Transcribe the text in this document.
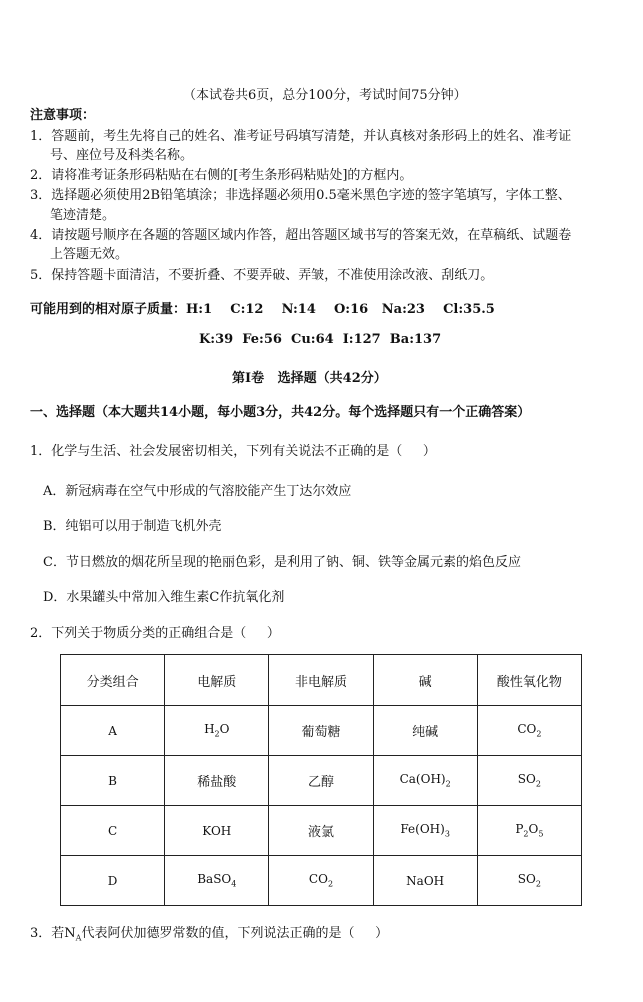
（本试卷共6页，总分100分，考试时间75分钟）
注意事项：
1．答题前，考生先将自己的姓名、准考证号码填写清楚，并认真核对条形码上的姓名、准考证
号、座位号及科类名称。
2．请将准考证条形码粘贴在右侧的[考生条形码粘贴处]的方框内。
3．选择题必须使用2B铅笔填涂；非选择题必须用0.5毫米黑色字迹的签字笔填写，字体工整、
笔迹清楚。
4．请按题号顺序在各题的答题区域内作答，超出答题区域书写的答案无效，在草稿纸、试题卷
上答题无效。
5．保持答题卡面清洁，不要折叠、不要弄破、弄皱，不准使用涂改液、刮纸刀。
可能用到的相对原子质量：H:1    C:12    N:14    O:16   Na:23    Cl:35.5
K:39  Fe:56  Cu:64  I:127  Ba:137
第Ⅰ卷   选择题（共42分）
一、选择题（本大题共14小题，每小题3分，共42分。每个选择题只有一个正确答案）
1．化学与生活、社会发展密切相关，下列有关说法不正确的是（     ）
A．新冠病毒在空气中形成的气溶胶能产生丁达尔效应
B．纯铝可以用于制造飞机外壳
C．节日燃放的烟花所呈现的艳丽色彩，是利用了钠、铜、铁等金属元素的焰色反应
D．水果罐头中常加入维生素C作抗氧化剂
2．下列关于物质分类的正确组合是（     ）
分类组合	电解质	非电解质	碱	酸性氧化物
A	$H_2O$	葡萄糖	纯碱	$CO_2$
B	稀盐酸	乙醇	$Ca(OH)_2$	$SO_2$
C	KOH	液氯	$Fe(OH)_3$	$P_2O_5$
D	BaSO$_4$	$CO_2$	NaOH	$SO_2$
3．若$N_A$代表阿伏加德罗常数的值，下列说法正确的是（     ）
